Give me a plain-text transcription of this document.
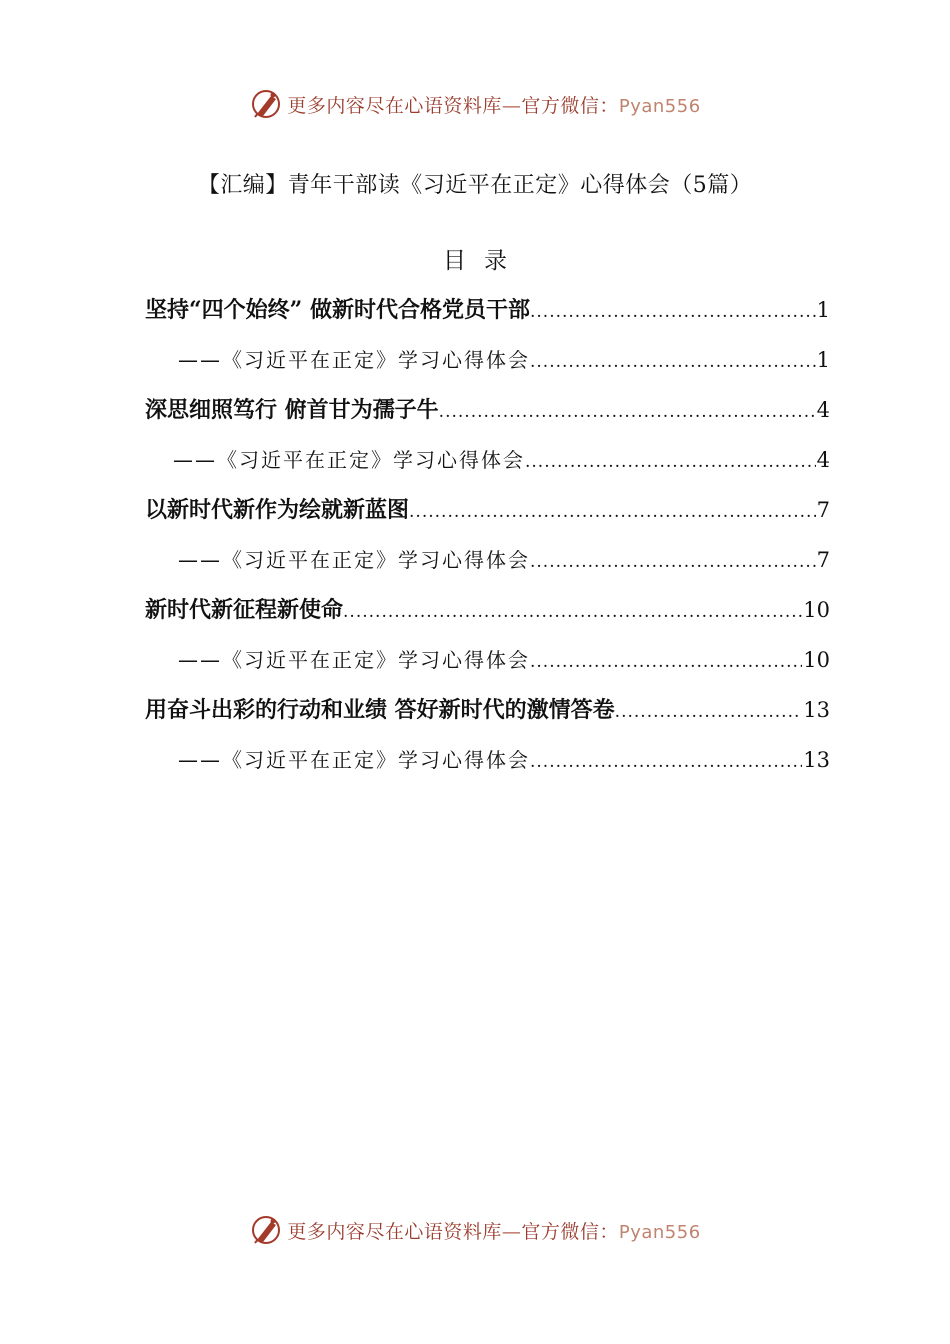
更多内容尽在心语资料库—官方微信：Pyan556
【汇编】青年干部读《习近平在正定》心得体会（5篇）
目录
坚持“四个始终” 做新时代合格党员干部 .....	1
——《习近平在正定》学习心得体会 .....	1
深思细照笃行 俯首甘为孺子牛 .....	4
——《习近平在正定》学习心得体会 .....	4
以新时代新作为绘就新蓝图 .....	7
——《习近平在正定》学习心得体会 .....	7
新时代新征程新使命 .....	10
——《习近平在正定》学习心得体会 .....	10
用奋斗出彩的行动和业绩 答好新时代的激情答卷 .....	13
——《习近平在正定》学习心得体会 .....	13
更多内容尽在心语资料库—官方微信：Pyan556
